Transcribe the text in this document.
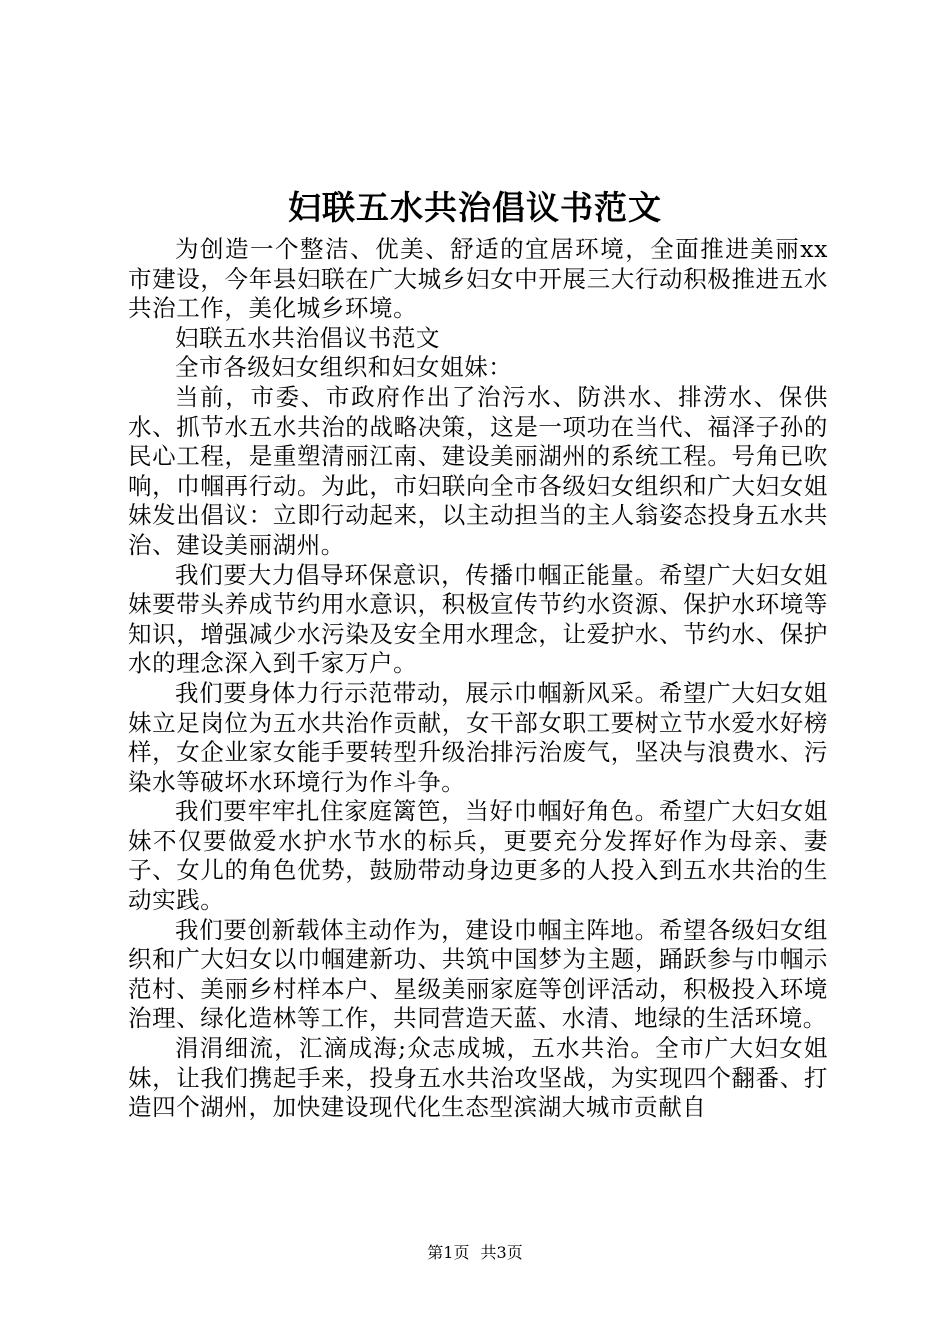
妇联五水共治倡议书范文

为创造一个整洁、优美、舒适的宜居环境，全面推进美丽xx市建设，今年县妇联在广大城乡妇女中开展三大行动积极推进五水共治工作，美化城乡环境。

妇联五水共治倡议书范文

全市各级妇女组织和妇女姐妹：

当前，市委、市政府作出了治污水、防洪水、排涝水、保供水、抓节水五水共治的战略决策，这是一项功在当代、福泽子孙的民心工程，是重塑清丽江南、建设美丽湖州的系统工程。号角已吹响，巾帼再行动。为此，市妇联向全市各级妇女组织和广大妇女姐妹发出倡议：立即行动起来，以主动担当的主人翁姿态投身五水共治、建设美丽湖州。

我们要大力倡导环保意识，传播巾帼正能量。希望广大妇女姐妹要带头养成节约用水意识，积极宣传节约水资源、保护水环境等知识，增强减少水污染及安全用水理念，让爱护水、节约水、保护水的理念深入到千家万户。

我们要身体力行示范带动，展示巾帼新风采。希望广大妇女姐妹立足岗位为五水共治作贡献，女干部女职工要树立节水爱水好榜样，女企业家女能手要转型升级治排污治废气，坚决与浪费水、污染水等破坏水环境行为作斗争。

我们要牢牢扎住家庭篱笆，当好巾帼好角色。希望广大妇女姐妹不仅要做爱水护水节水的标兵，更要充分发挥好作为母亲、妻子、女儿的角色优势，鼓励带动身边更多的人投入到五水共治的生动实践。

我们要创新载体主动作为，建设巾帼主阵地。希望各级妇女组织和广大妇女以巾帼建新功、共筑中国梦为主题，踊跃参与巾帼示范村、美丽乡村样本户、星级美丽家庭等创评活动，积极投入环境治理、绿化造林等工作，共同营造天蓝、水清、地绿的生活环境。

涓涓细流，汇滴成海;众志成城，五水共治。全市广大妇女姐妹，让我们携起手来，投身五水共治攻坚战，为实现四个翻番、打造四个湖州，加快建设现代化生态型滨湖大城市贡献自

第1页 共3页
